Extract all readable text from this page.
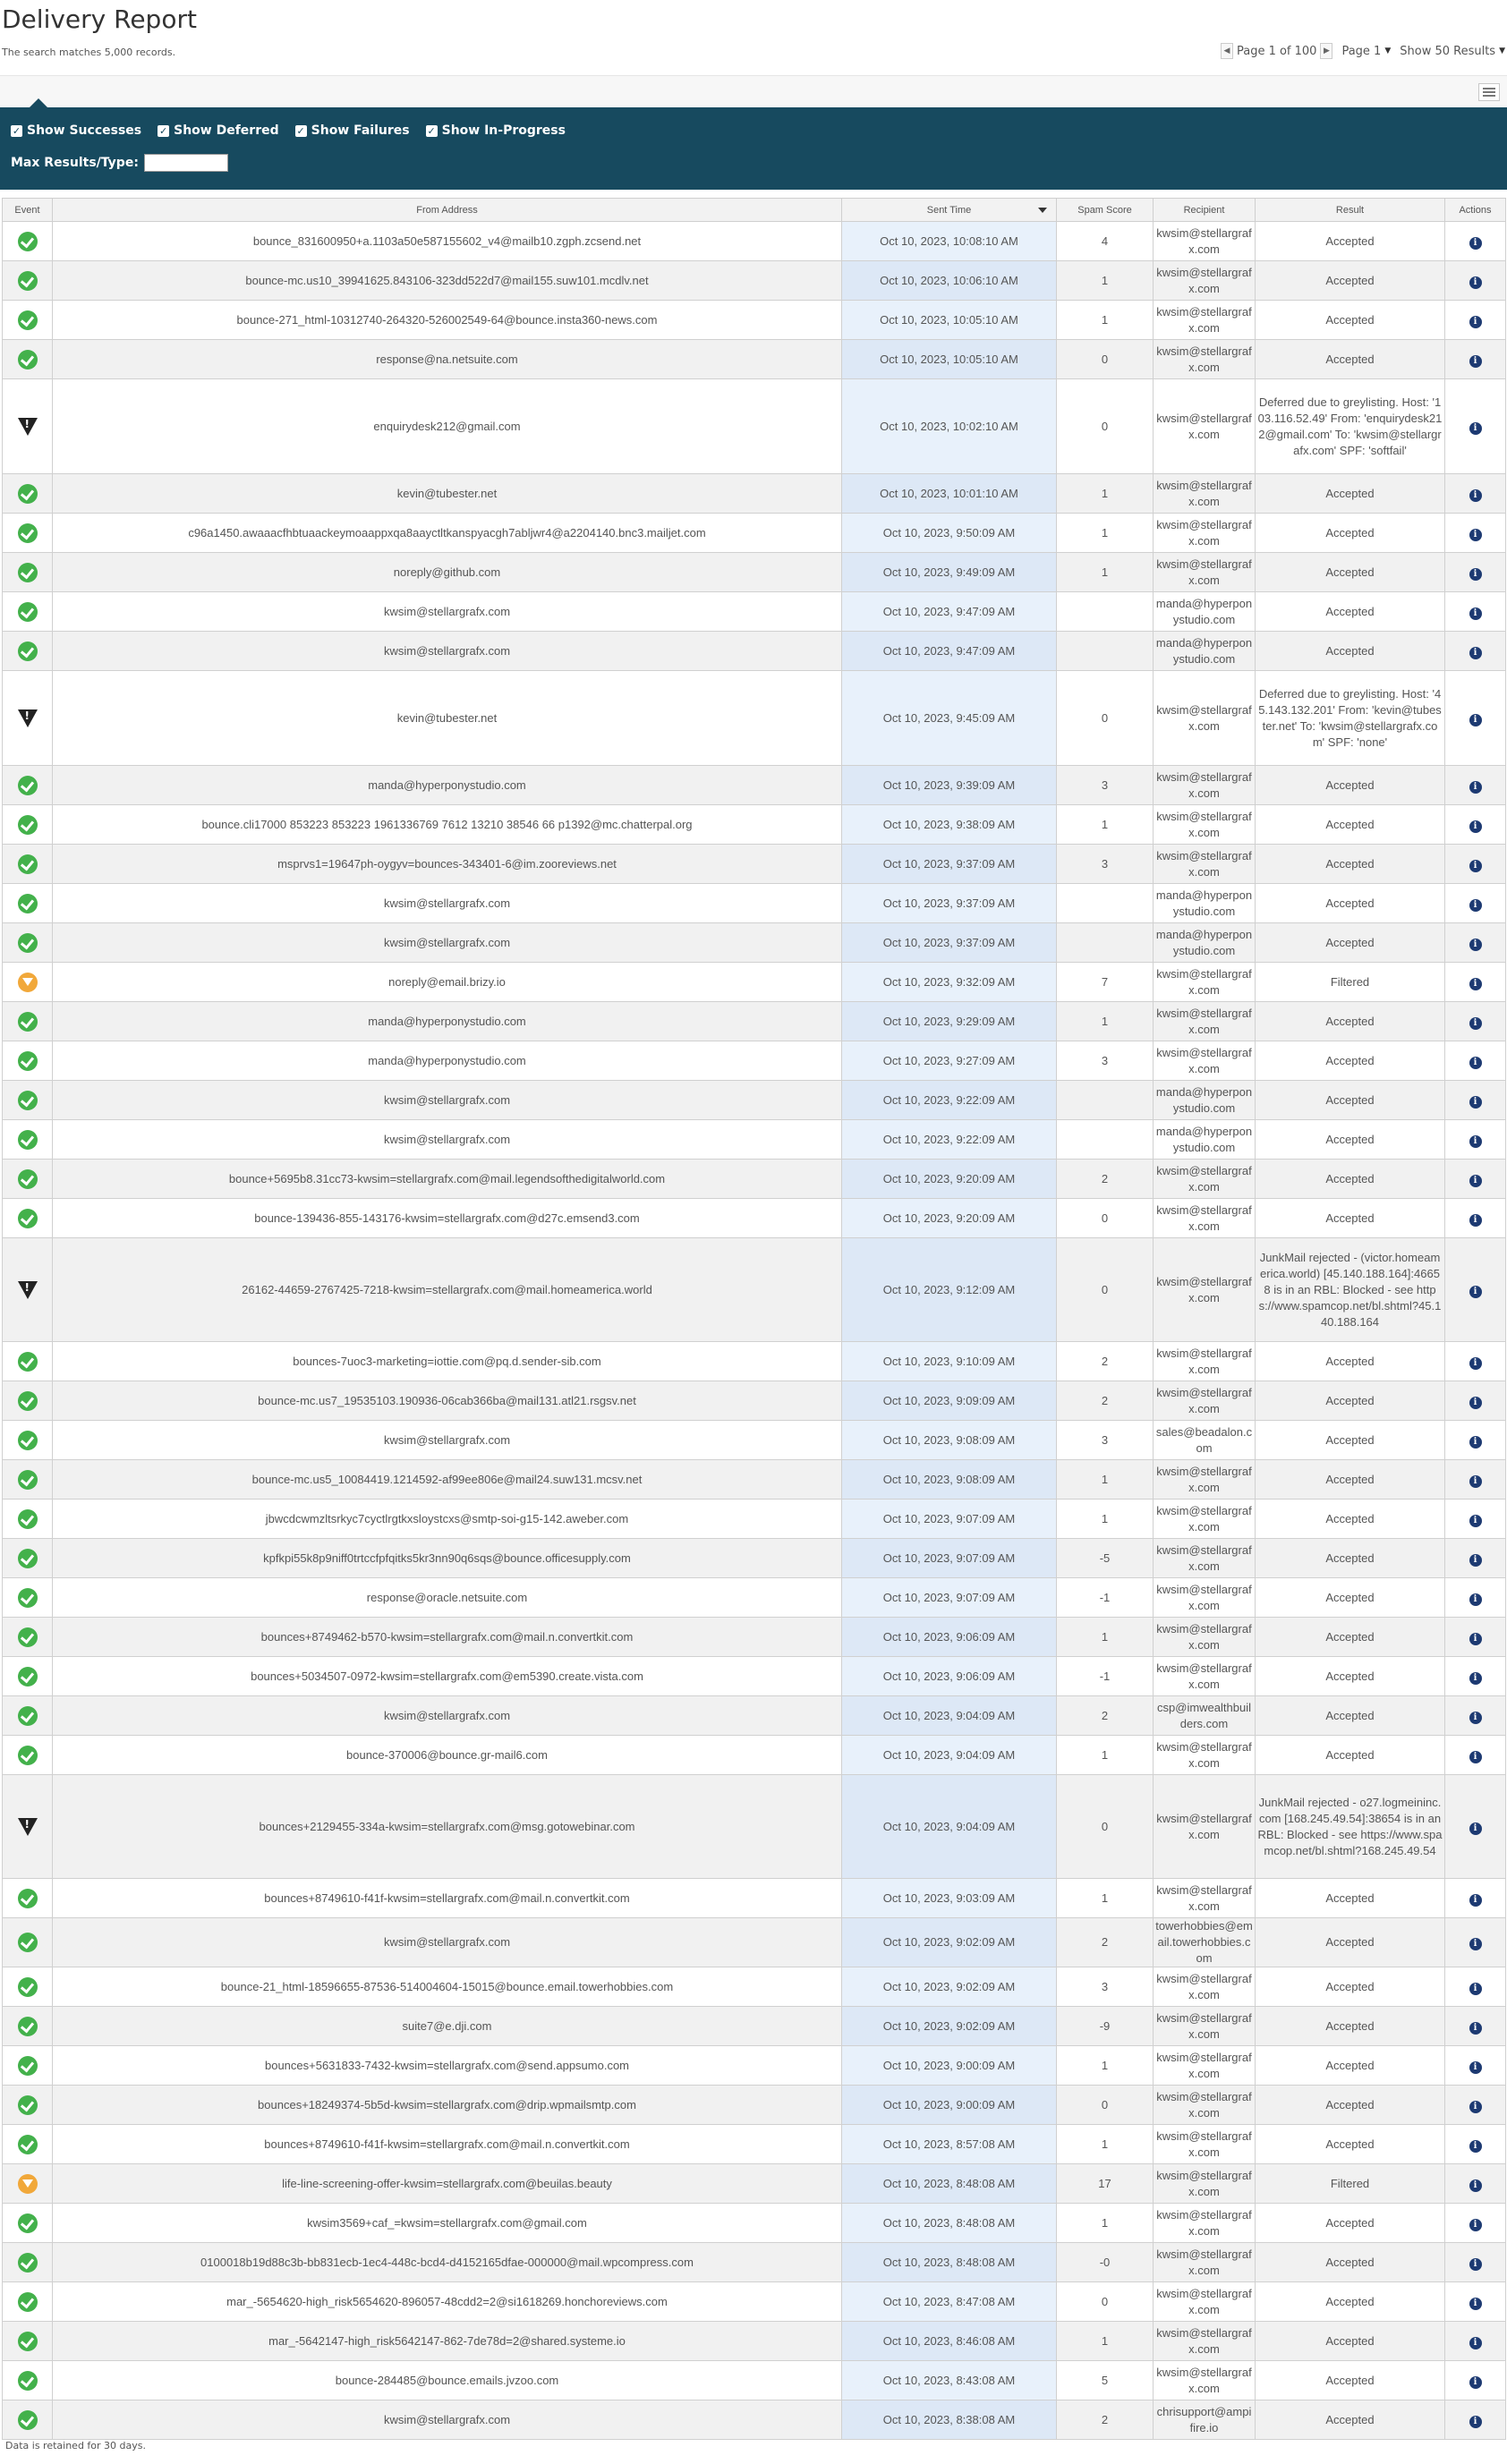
Delivery Report
The search matches 5,000 records.	◀ Page 1 of 100 ▶ Page 1 ▼ Show 50 Results ▼
✓ Show Successes ✓ Show Deferred ✓ Show Failures ✓ Show In-Progress
Max Results/Type:
Event	From Address	Sent Time	Spam Score	Recipient	Result	Actions
	bounce_831600950+a.1103a50e587155602_v4@mailb10.zgph.zcsend.net	Oct 10, 2023, 10:08:10 AM	4	kwsim@stellargrafx.com	Accepted	i
	bounce-mc.us10_39941625.843106-323dd522d7@mail155.suw101.mcdlv.net	Oct 10, 2023, 10:06:10 AM	1	kwsim@stellargrafx.com	Accepted	i
	bounce-271_html-10312740-264320-526002549-64@bounce.insta360-news.com	Oct 10, 2023, 10:05:10 AM	1	kwsim@stellargrafx.com	Accepted	i
	response@na.netsuite.com	Oct 10, 2023, 10:05:10 AM	0	kwsim@stellargrafx.com	Accepted	i
!	enquirydesk212@gmail.com	Oct 10, 2023, 10:02:10 AM	0	kwsim@stellargrafx.com	Deferred due to greylisting. Host: '103.116.52.49' From: 'enquirydesk212@gmail.com' To: 'kwsim@stellargrafx.com' SPF: 'softfail'	i
	kevin@tubester.net	Oct 10, 2023, 10:01:10 AM	1	kwsim@stellargrafx.com	Accepted	i
	c96a1450.awaaacfhbtuaackeymoaappxqa8aayctltkanspyacgh7abljwr4@a2204140.bnc3.mailjet.com	Oct 10, 2023, 9:50:09 AM	1	kwsim@stellargrafx.com	Accepted	i
	noreply@github.com	Oct 10, 2023, 9:49:09 AM	1	kwsim@stellargrafx.com	Accepted	i
	kwsim@stellargrafx.com	Oct 10, 2023, 9:47:09 AM		manda@hyperponystudio.com	Accepted	i
	kwsim@stellargrafx.com	Oct 10, 2023, 9:47:09 AM		manda@hyperponystudio.com	Accepted	i
!	kevin@tubester.net	Oct 10, 2023, 9:45:09 AM	0	kwsim@stellargrafx.com	Deferred due to greylisting. Host: '45.143.132.201' From: 'kevin@tubester.net' To: 'kwsim@stellargrafx.com' SPF: 'none'	i
	manda@hyperponystudio.com	Oct 10, 2023, 9:39:09 AM	3	kwsim@stellargrafx.com	Accepted	i
	bounce.cli17000 853223 853223 1961336769 7612 13210 38546 66 p1392@mc.chatterpal.org	Oct 10, 2023, 9:38:09 AM	1	kwsim@stellargrafx.com	Accepted	i
	msprvs1=19647ph-oygyv=bounces-343401-6@im.zooreviews.net	Oct 10, 2023, 9:37:09 AM	3	kwsim@stellargrafx.com	Accepted	i
	kwsim@stellargrafx.com	Oct 10, 2023, 9:37:09 AM		manda@hyperponystudio.com	Accepted	i
	kwsim@stellargrafx.com	Oct 10, 2023, 9:37:09 AM		manda@hyperponystudio.com	Accepted	i
	noreply@email.brizy.io	Oct 10, 2023, 9:32:09 AM	7	kwsim@stellargrafx.com	Filtered	i
	manda@hyperponystudio.com	Oct 10, 2023, 9:29:09 AM	1	kwsim@stellargrafx.com	Accepted	i
	manda@hyperponystudio.com	Oct 10, 2023, 9:27:09 AM	3	kwsim@stellargrafx.com	Accepted	i
	kwsim@stellargrafx.com	Oct 10, 2023, 9:22:09 AM		manda@hyperponystudio.com	Accepted	i
	kwsim@stellargrafx.com	Oct 10, 2023, 9:22:09 AM		manda@hyperponystudio.com	Accepted	i
	bounce+5695b8.31cc73-kwsim=stellargrafx.com@mail.legendsofthedigitalworld.com	Oct 10, 2023, 9:20:09 AM	2	kwsim@stellargrafx.com	Accepted	i
	bounce-139436-855-143176-kwsim=stellargrafx.com@d27c.emsend3.com	Oct 10, 2023, 9:20:09 AM	0	kwsim@stellargrafx.com	Accepted	i
!	26162-44659-2767425-7218-kwsim=stellargrafx.com@mail.homeamerica.world	Oct 10, 2023, 9:12:09 AM	0	kwsim@stellargrafx.com	JunkMail rejected - (victor.homeamerica.world) [45.140.188.164]:46658 is in an RBL: Blocked - see https://www.spamcop.net/bl.shtml?45.140.188.164	i
	bounces-7uoc3-marketing=iottie.com@pq.d.sender-sib.com	Oct 10, 2023, 9:10:09 AM	2	kwsim@stellargrafx.com	Accepted	i
	bounce-mc.us7_19535103.190936-06cab366ba@mail131.atl21.rsgsv.net	Oct 10, 2023, 9:09:09 AM	2	kwsim@stellargrafx.com	Accepted	i
	kwsim@stellargrafx.com	Oct 10, 2023, 9:08:09 AM	3	sales@beadalon.com	Accepted	i
	bounce-mc.us5_10084419.1214592-af99ee806e@mail24.suw131.mcsv.net	Oct 10, 2023, 9:08:09 AM	1	kwsim@stellargrafx.com	Accepted	i
	jbwcdcwmzltsrkyc7cyctlrgtkxsloystcxs@smtp-soi-g15-142.aweber.com	Oct 10, 2023, 9:07:09 AM	1	kwsim@stellargrafx.com	Accepted	i
	kpfkpi55k8p9niff0trtccfpfqitks5kr3nn90q6sqs@bounce.officesupply.com	Oct 10, 2023, 9:07:09 AM	-5	kwsim@stellargrafx.com	Accepted	i
	response@oracle.netsuite.com	Oct 10, 2023, 9:07:09 AM	-1	kwsim@stellargrafx.com	Accepted	i
	bounces+8749462-b570-kwsim=stellargrafx.com@mail.n.convertkit.com	Oct 10, 2023, 9:06:09 AM	1	kwsim@stellargrafx.com	Accepted	i
	bounces+5034507-0972-kwsim=stellargrafx.com@em5390.create.vista.com	Oct 10, 2023, 9:06:09 AM	-1	kwsim@stellargrafx.com	Accepted	i
	kwsim@stellargrafx.com	Oct 10, 2023, 9:04:09 AM	2	csp@imwealthbuilders.com	Accepted	i
	bounce-370006@bounce.gr-mail6.com	Oct 10, 2023, 9:04:09 AM	1	kwsim@stellargrafx.com	Accepted	i
!	bounces+2129455-334a-kwsim=stellargrafx.com@msg.gotowebinar.com	Oct 10, 2023, 9:04:09 AM	0	kwsim@stellargrafx.com	JunkMail rejected - o27.logmeininc.com [168.245.49.54]:38654 is in an RBL: Blocked - see https://www.spamcop.net/bl.shtml?168.245.49.54	i
	bounces+8749610-f41f-kwsim=stellargrafx.com@mail.n.convertkit.com	Oct 10, 2023, 9:03:09 AM	1	kwsim@stellargrafx.com	Accepted	i
	kwsim@stellargrafx.com	Oct 10, 2023, 9:02:09 AM	2	towerhobbies@email.towerhobbies.com	Accepted	i
	bounce-21_html-18596655-87536-514004604-15015@bounce.email.towerhobbies.com	Oct 10, 2023, 9:02:09 AM	3	kwsim@stellargrafx.com	Accepted	i
	suite7@e.dji.com	Oct 10, 2023, 9:02:09 AM	-9	kwsim@stellargrafx.com	Accepted	i
	bounces+5631833-7432-kwsim=stellargrafx.com@send.appsumo.com	Oct 10, 2023, 9:00:09 AM	1	kwsim@stellargrafx.com	Accepted	i
	bounces+18249374-5b5d-kwsim=stellargrafx.com@drip.wpmailsmtp.com	Oct 10, 2023, 9:00:09 AM	0	kwsim@stellargrafx.com	Accepted	i
	bounces+8749610-f41f-kwsim=stellargrafx.com@mail.n.convertkit.com	Oct 10, 2023, 8:57:08 AM	1	kwsim@stellargrafx.com	Accepted	i
	life-line-screening-offer-kwsim=stellargrafx.com@beuilas.beauty	Oct 10, 2023, 8:48:08 AM	17	kwsim@stellargrafx.com	Filtered	i
	kwsim3569+caf_=kwsim=stellargrafx.com@gmail.com	Oct 10, 2023, 8:48:08 AM	1	kwsim@stellargrafx.com	Accepted	i
	0100018b19d88c3b-bb831ecb-1ec4-448c-bcd4-d4152165dfae-000000@mail.wpcompress.com	Oct 10, 2023, 8:48:08 AM	-0	kwsim@stellargrafx.com	Accepted	i
	mar_-5654620-high_risk5654620-896057-48cdd2=2@si1618269.honchoreviews.com	Oct 10, 2023, 8:47:08 AM	0	kwsim@stellargrafx.com	Accepted	i
	mar_-5642147-high_risk5642147-862-7de78d=2@shared.systeme.io	Oct 10, 2023, 8:46:08 AM	1	kwsim@stellargrafx.com	Accepted	i
	bounce-284485@bounce.emails.jvzoo.com	Oct 10, 2023, 8:43:08 AM	5	kwsim@stellargrafx.com	Accepted	i
	kwsim@stellargrafx.com	Oct 10, 2023, 8:38:08 AM	2	chrisupport@ampifire.io	Accepted	i
Data is retained for 30 days.
